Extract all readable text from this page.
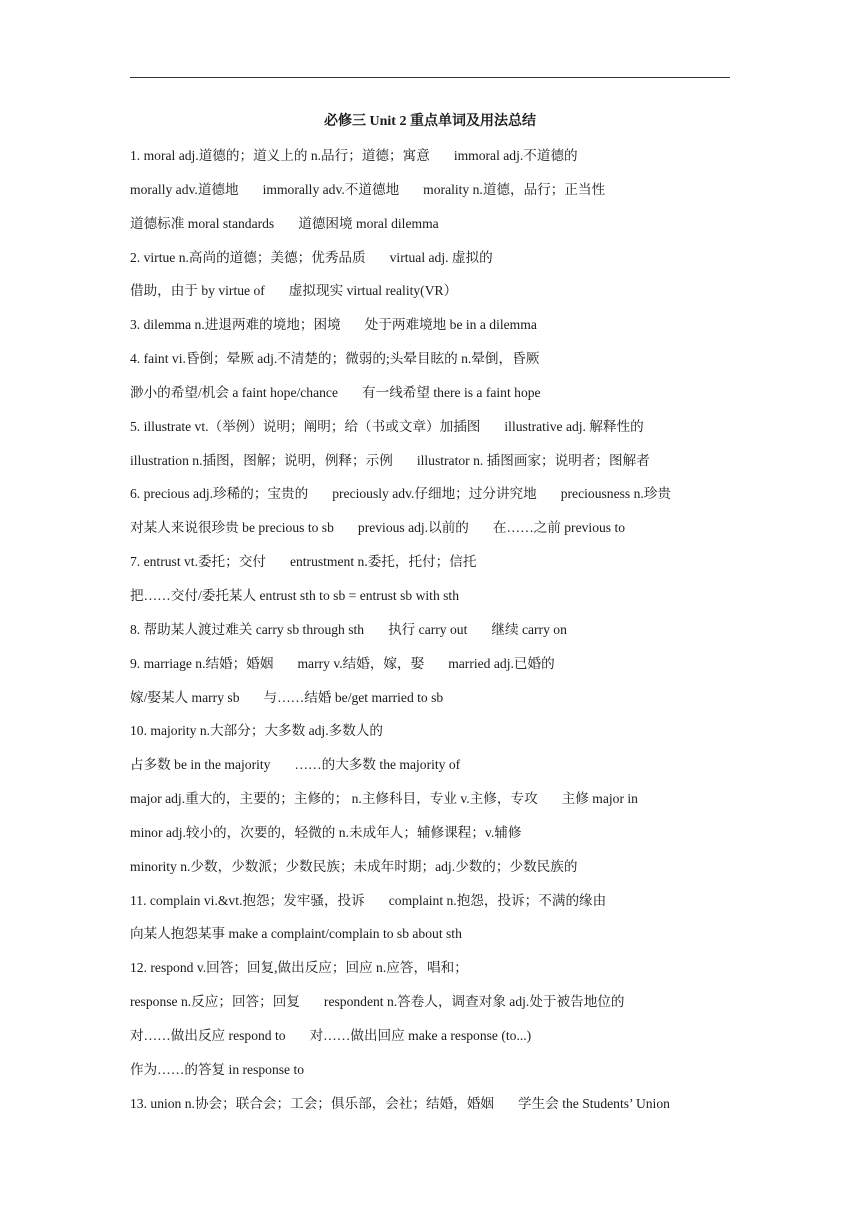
必修三 Unit 2 重点单词及用法总结
1. moral adj.道德的；道义上的 n.品行；道德；寓意 immoral adj.不道德的
morally adv.道德地 immorally adv.不道德地 morality n.道德，品行；正当性
道德标准 moral standards 道德困境 moral dilemma
2. virtue n.高尚的道德；美德；优秀品质 virtual adj. 虚拟的
借助，由于 by virtue of 虚拟现实 virtual reality(VR）
3. dilemma n.进退两难的境地；困境 处于两难境地 be in a dilemma
4. faint vi.昏倒；晕厥 adj.不清楚的；微弱的;头晕目眩的 n.晕倒，昏厥
渺小的希望/机会 a faint hope/chance 有一线希望 there is a faint hope
5. illustrate vt.（举例）说明；阐明；给（书或文章）加插图 illustrative adj. 解释性的
illustration n.插图，图解；说明，例释；示例 illustrator n. 插图画家；说明者；图解者
6. precious adj.珍稀的；宝贵的 preciously adv.仔细地；过分讲究地 preciousness n.珍贵
对某人来说很珍贵 be precious to sb previous adj.以前的 在……之前 previous to
7. entrust vt.委托；交付 entrustment n.委托，托付；信托
把……交付/委托某人 entrust sth to sb = entrust sb with sth
8. 帮助某人渡过难关 carry sb through sth 执行 carry out 继续 carry on
9. marriage n.结婚；婚姻 marry v.结婚，嫁，娶 married adj.已婚的
嫁/娶某人 marry sb 与……结婚 be/get married to sb
10. majority n.大部分；大多数 adj.多数人的
占多数 be in the majority ……的大多数 the majority of
major adj.重大的，主要的；主修的； n.主修科目，专业 v.主修，专攻 主修 major in
minor adj.较小的，次要的，轻微的 n.未成年人；辅修课程；v.辅修
minority n.少数，少数派；少数民族；未成年时期；adj.少数的；少数民族的
11. complain vi.&vt.抱怨；发牢骚，投诉 complaint n.抱怨，投诉；不满的缘由
向某人抱怨某事 make a complaint/complain to sb about sth
12. respond v.回答；回复,做出反应；回应 n.应答，唱和；
response n.反应；回答；回复 respondent n.答卷人，调查对象 adj.处于被告地位的
对……做出反应 respond to 对……做出回应 make a response (to...)
作为……的答复 in response to
13. union n.协会；联合会；工会；俱乐部，会社；结婚，婚姻 学生会 the Students’ Union
